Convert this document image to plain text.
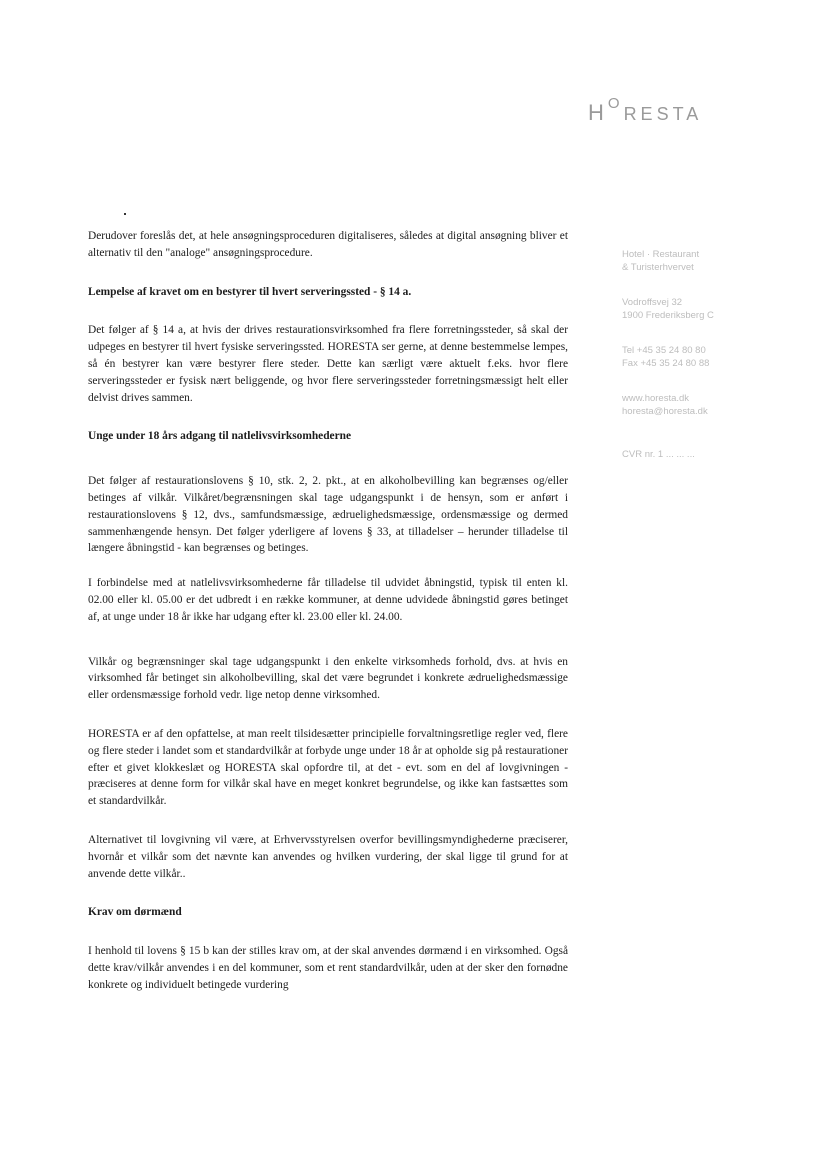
HORESTA
Hotel · Restaurant
& Turisterhvervet
Vodroffsvej 32
1900 Frederiksberg C
Tel +45 35 24 80 80
Fax +45 35 24 80 88
www.horesta.dk
horesta@horesta.dk
CVR nr. 1 ... ... ...

Derudover foreslås det, at hele ansøgningsproceduren digitaliseres, således at digital ansøgning bliver et alternativ til den "analoge" ansøgningsprocedure.

Lempelse af kravet om en bestyrer til hvert serveringssted - § 14 a.

Det følger af § 14 a, at hvis der drives restaurationsvirksomhed fra flere forretningssteder, så skal der udpeges en bestyrer til hvert fysiske serveringssted. HORESTA ser gerne, at denne bestemmelse lempes, så én bestyrer kan være bestyrer flere steder. Dette kan særligt være aktuelt f.eks. hvor flere serveringssteder er fysisk nært beliggende, og hvor flere serveringssteder forretningsmæssigt helt eller delvist drives sammen.

Unge under 18 års adgang til natlelivsvirksomhederne

Det følger af restaurationslovens § 10, stk. 2, 2. pkt., at en alkoholbevilling kan begrænses og/eller betinges af vilkår. Vilkåret/begrænsningen skal tage udgangspunkt i de hensyn, som er anført i restaurationslovens § 12, dvs., samfundsmæssige, ædruelighedsmæssige, ordensmæssige og dermed sammenhængende hensyn. Det følger yderligere af lovens § 33, at tilladelser – herunder tilladelse til længere åbningstid - kan begrænses og betinges.

I forbindelse med at natlelivsvirksomhederne får tilladelse til udvidet åbningstid, typisk til enten kl. 02.00 eller kl. 05.00 er det udbredt i en række kommuner, at denne udvidede åbningstid gøres betinget af, at unge under 18 år ikke har udgang efter kl. 23.00 eller kl. 24.00.

Vilkår og begrænsninger skal tage udgangspunkt i den enkelte virksomheds forhold, dvs. at hvis en virksomhed får betinget sin alkoholbevilling, skal det være begrundet i konkrete ædruelighedsmæssige eller ordensmæssige forhold vedr. lige netop denne virksomhed.

HORESTA er af den opfattelse, at man reelt tilsidesætter principielle forvaltningsretlige regler ved, flere og flere steder i landet som et standardvilkår at forbyde unge under 18 år at opholde sig på restaurationer efter et givet klokkeslæt og HORESTA skal opfordre til, at det - evt. som en del af lovgivningen - præciseres at denne form for vilkår skal have en meget konkret begrundelse, og ikke kan fastsættes som et standardvilkår.

Alternativet til lovgivning vil være, at Erhvervsstyrelsen overfor bevillingsmyndighederne præciserer, hvornår et vilkår som det nævnte kan anvendes og hvilken vurdering, der skal ligge til grund for at anvende dette vilkår..

Krav om dørmænd

I henhold til lovens § 15 b kan der stilles krav om, at der skal anvendes dørmænd i en virksomhed. Også dette krav/vilkår anvendes i en del kommuner, som et rent standardvilkår, uden at der sker den fornødne konkrete og individuelt betingede vurdering
